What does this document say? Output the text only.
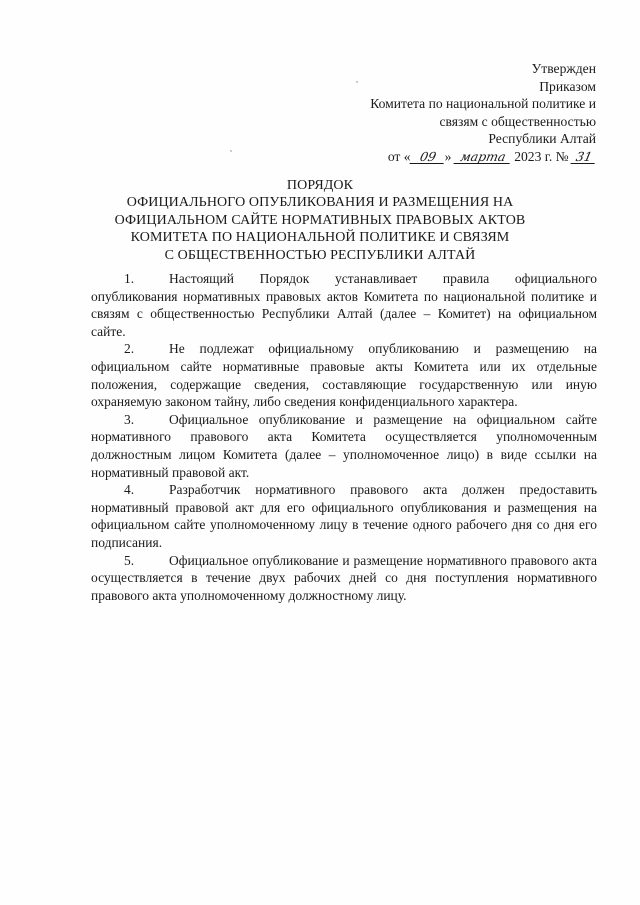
Утвержден
Приказом
Комитета по национальной политике и
связям с общественностью
Республики Алтай
от « 09 » марта 2023 г. № 31
ПОРЯДОК
ОФИЦИАЛЬНОГО ОПУБЛИКОВАНИЯ И РАЗМЕЩЕНИЯ НА
ОФИЦИАЛЬНОМ САЙТЕ НОРМАТИВНЫХ ПРАВОВЫХ АКТОВ
КОМИТЕТА ПО НАЦИОНАЛЬНОЙ ПОЛИТИКЕ И СВЯЗЯМ
С ОБЩЕСТВЕННОСТЬЮ РЕСПУБЛИКИ АЛТАЙ

1.	Настоящий Порядок устанавливает правила официального опубликования нормативных правовых актов Комитета по национальной политике и связям с общественностью Республики Алтай (далее – Комитет) на официальном сайте.

2.	Не подлежат официальному опубликованию и размещению на официальном сайте нормативные правовые акты Комитета или их отдельные положения, содержащие сведения, составляющие государственную или иную охраняемую законом тайну, либо сведения конфиденциального характера.

3.	Официальное опубликование и размещение на официальном сайте нормативного правового акта Комитета осуществляется уполномоченным должностным лицом Комитета (далее – уполномоченное лицо) в виде ссылки на нормативный правовой акт.

4.	Разработчик нормативного правового акта должен предоставить нормативный правовой акт для его официального опубликования и размещения на официальном сайте уполномоченному лицу в течение одного рабочего дня со дня его подписания.

5.	Официальное опубликование и размещение нормативного правового акта осуществляется в течение двух рабочих дней со дня поступления нормативного правового акта уполномоченному должностному лицу.
